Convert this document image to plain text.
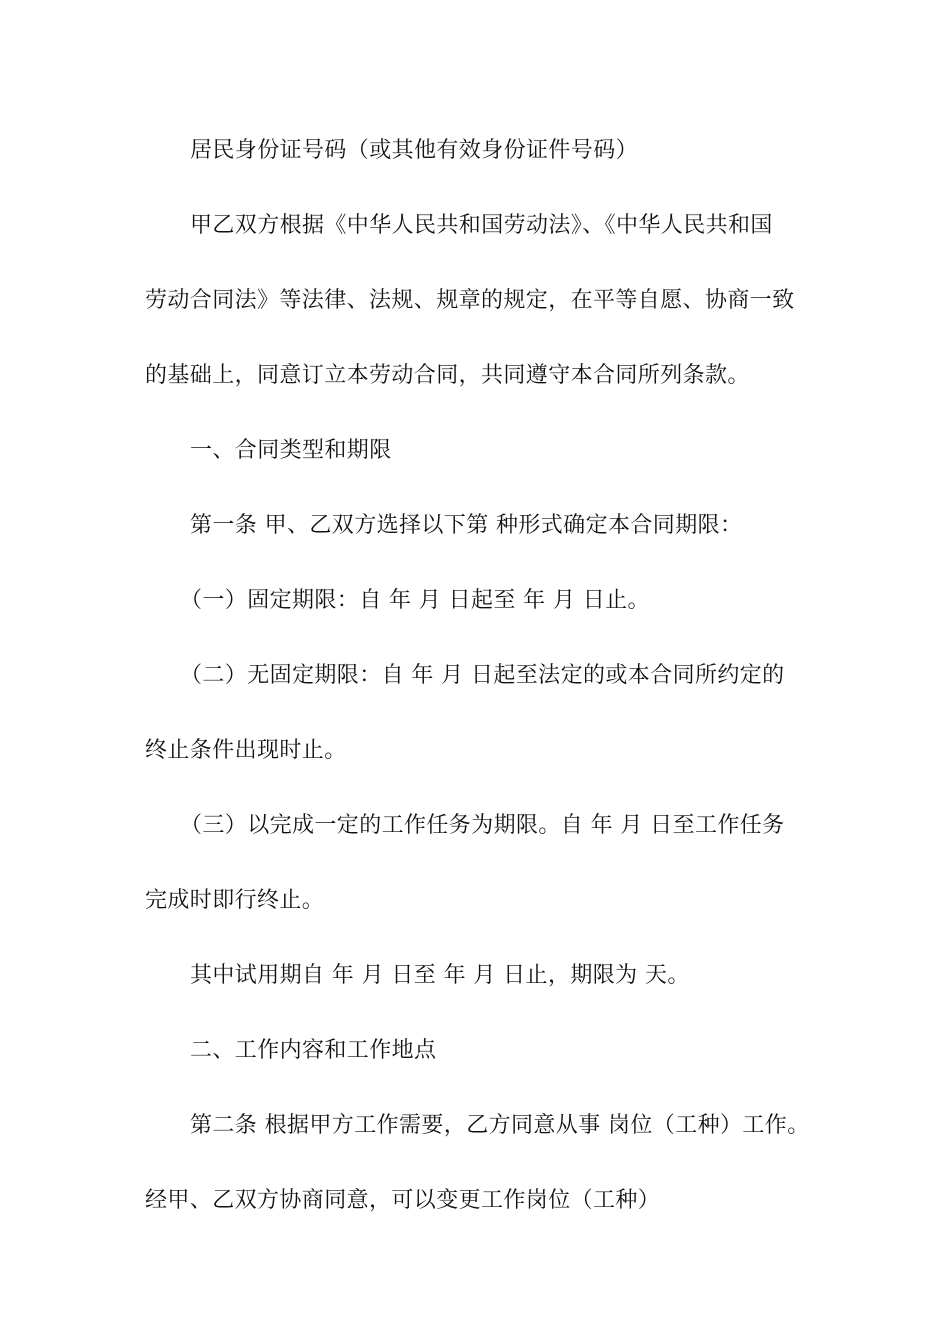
居民身份证号码（或其他有效身份证件号码）
甲乙双方根据《中华人民共和国劳动法》、《中华人民共和国
劳动合同法》等法律、法规、规章的规定，在平等自愿、协商一致
的基础上，同意订立本劳动合同，共同遵守本合同所列条款。
一、合同类型和期限
第一条 甲、乙双方选择以下第 种形式确定本合同期限：
（一）固定期限：自 年 月 日起至 年 月 日止。
（二）无固定期限：自 年 月 日起至法定的或本合同所约定的
终止条件出现时止。
（三）以完成一定的工作任务为期限。自 年 月 日至工作任务
完成时即行终止。
其中试用期自 年 月 日至 年 月 日止，期限为 天。
二、工作内容和工作地点
第二条 根据甲方工作需要，乙方同意从事 岗位（工种）工作。
经甲、乙双方协商同意，可以变更工作岗位（工种）
